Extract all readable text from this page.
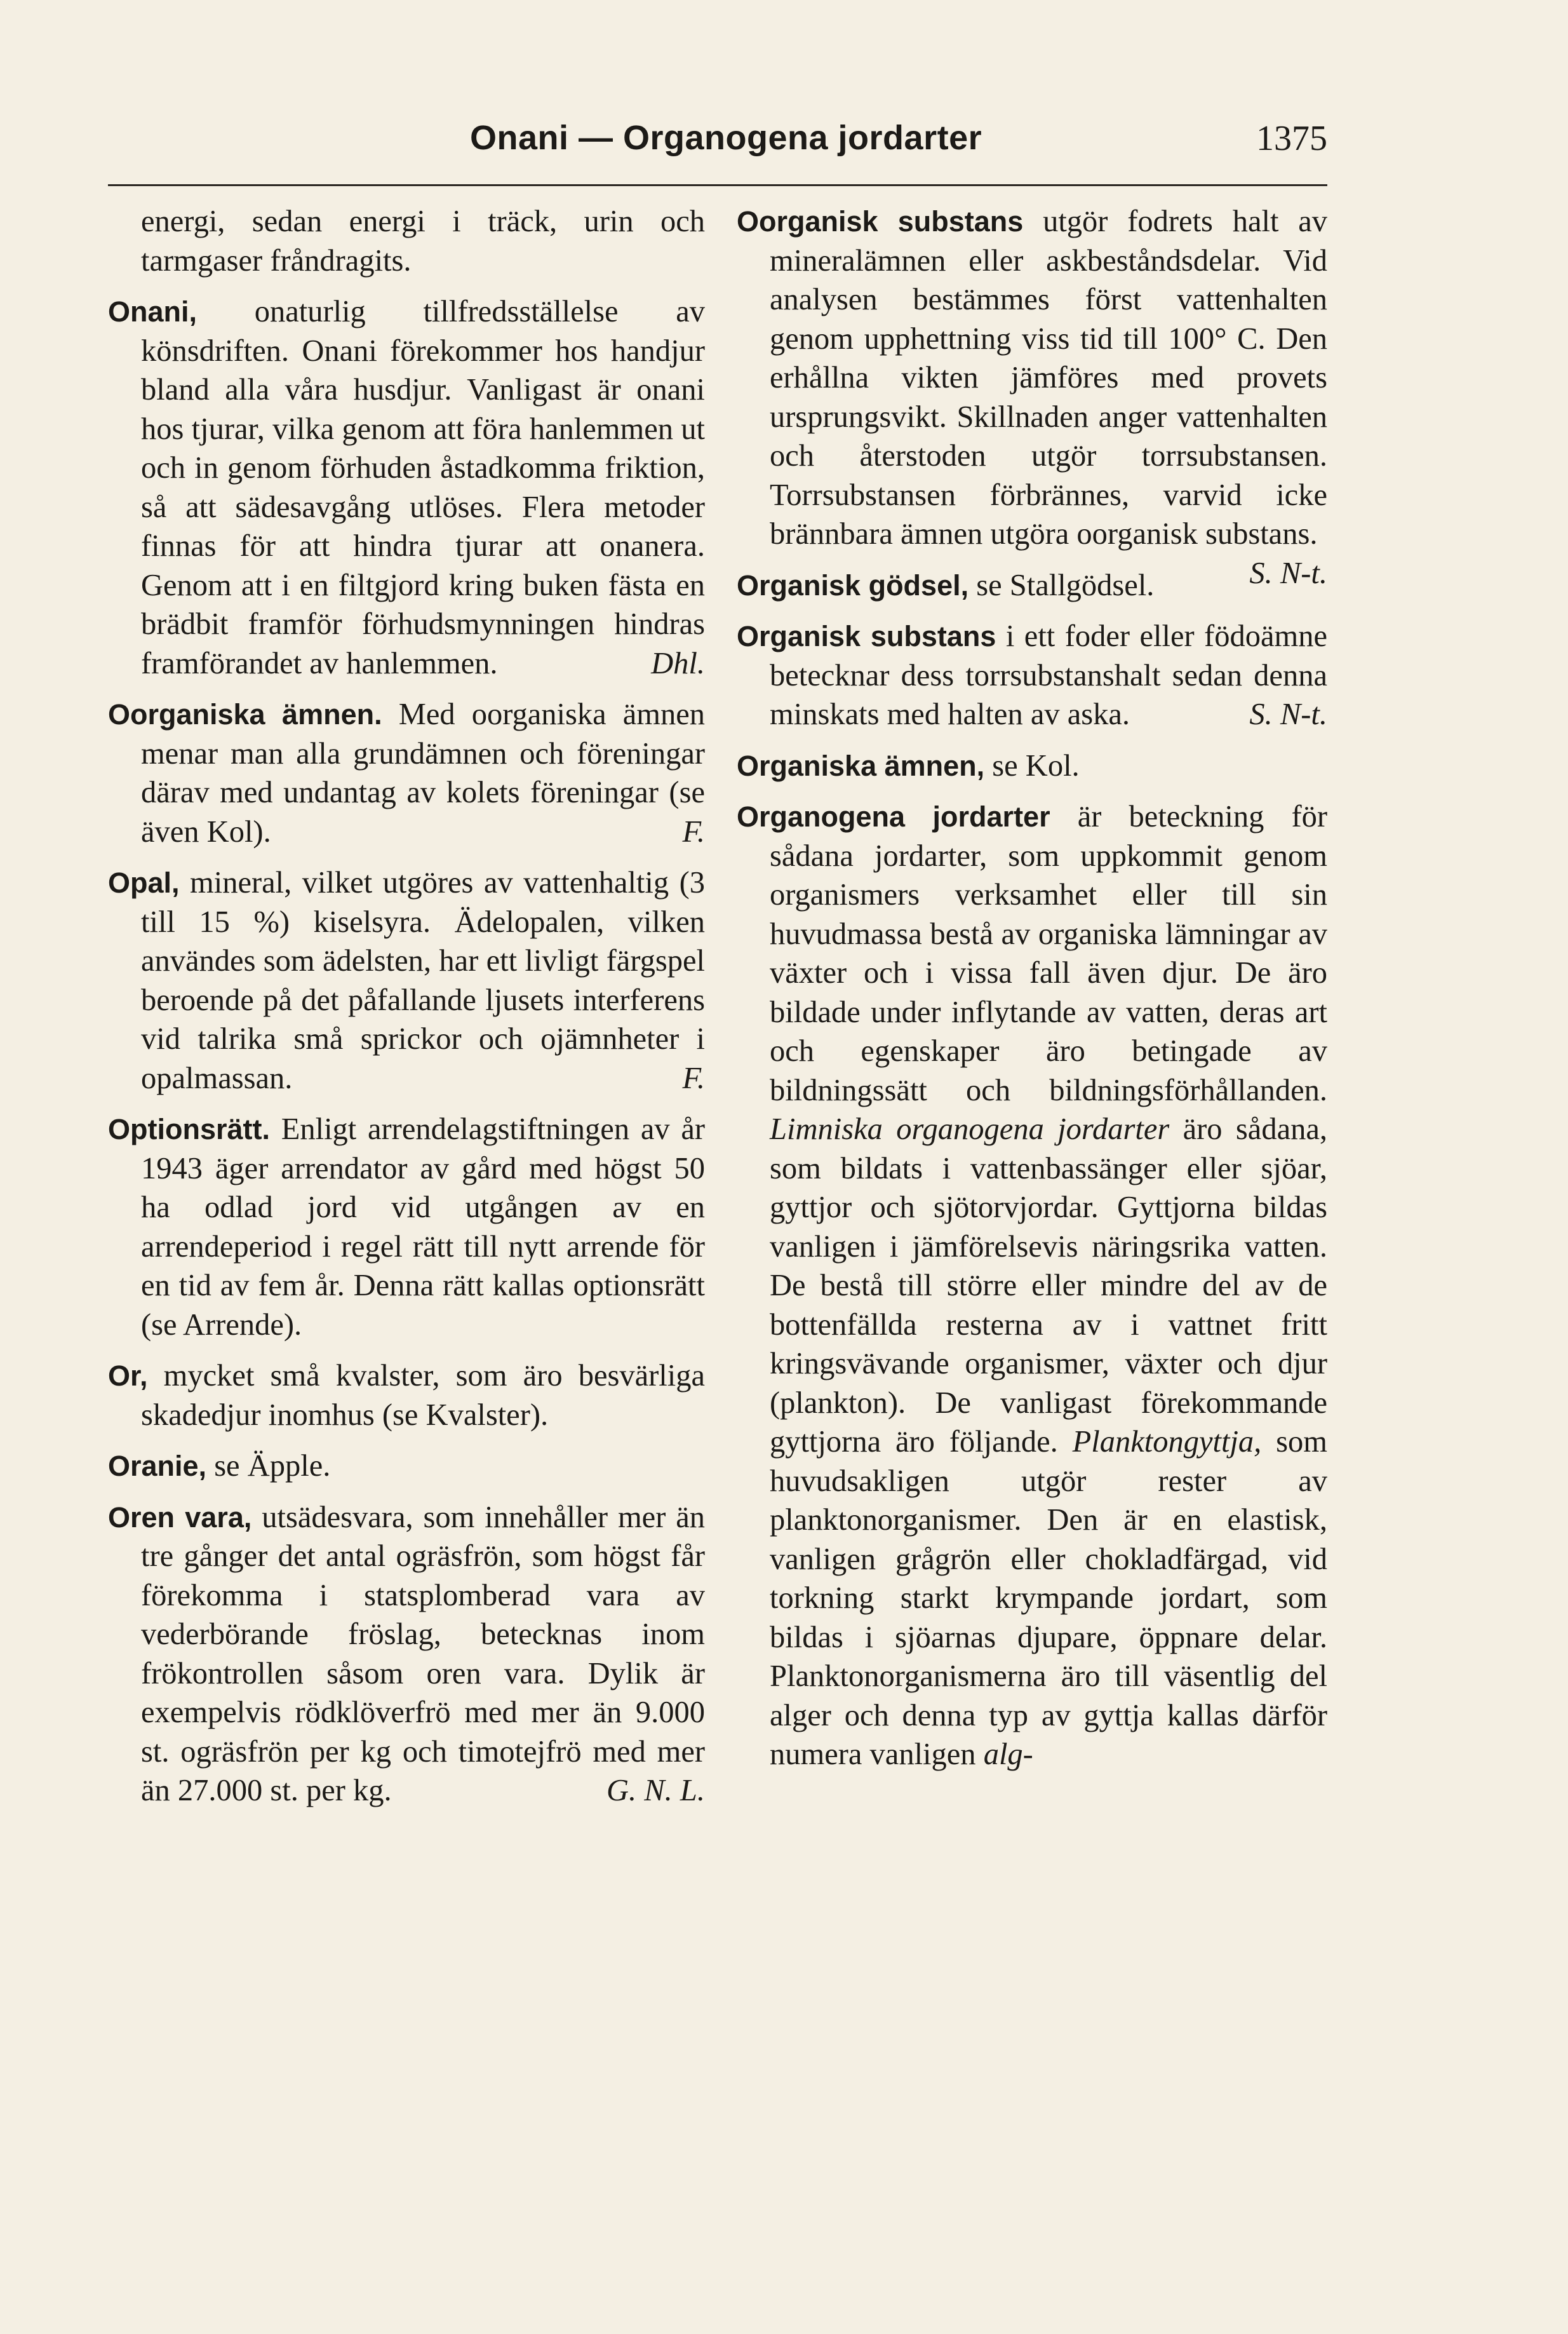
Onani — Organogena jordarter	1375

energi, sedan energi i träck, urin och tarmgaser fråndragits.

Onani, onaturlig tillfredsställelse av könsdriften. Onani förekommer hos handjur bland alla våra husdjur. Vanligast är onani hos tjurar, vilka genom att föra hanlemmen ut och in genom förhuden åstadkomma friktion, så att sädesavgång utlöses. Flera metoder finnas för att hindra tjurar att onanera. Genom att i en filtgjord kring buken fästa en brädbit framför förhudsmynningen hindras framförandet av hanlemmen.	Dhl.

Oorganiska ämnen. Med oorganiska ämnen menar man alla grundämnen och föreningar därav med undantag av kolets föreningar (se även Kol).	F.

Opal, mineral, vilket utgöres av vattenhaltig (3 till 15 %) kiselsyra. Ädelopalen, vilken användes som ädelsten, har ett livligt färgspel beroende på det påfallande ljusets interferens vid talrika små sprickor och ojämnheter i opalmassan.	F.

Optionsrätt. Enligt arrendelagstiftningen av år 1943 äger arrendator av gård med högst 50 ha odlad jord vid utgången av en arrendeperiod i regel rätt till nytt arrende för en tid av fem år. Denna rätt kallas optionsrätt (se Arrende).

Or, mycket små kvalster, som äro besvärliga skadedjur inomhus (se Kvalster).

Oranie, se Äpple.

Oren vara, utsädesvara, som innehåller mer än tre gånger det antal ogräsfrön, som högst får förekomma i statsplomberad vara av vederbörande fröslag, betecknas inom frökontrollen såsom oren vara. Dylik är exempelvis rödklöverfrö med mer än 9.000 st. ogräsfrön per kg och timotejfrö med mer än 27.000 st. per kg.	G. N. L.

Oorganisk substans utgör fodrets halt av mineralämnen eller askbeståndsdelar. Vid analysen bestämmes först vattenhalten genom upphettning viss tid till 100° C. Den erhållna vikten jämföres med provets ursprungsvikt. Skillnaden anger vattenhalten och återstoden utgör torrsubstansen. Torrsubstansen förbrännes, varvid icke brännbara ämnen utgöra oorganisk substans.
S. N-t.

Organisk gödsel, se Stallgödsel.

Organisk substans i ett foder eller födoämne betecknar dess torrsubstanshalt sedan denna minskats med halten av aska.	S. N-t.

Organiska ämnen, se Kol.

Organogena jordarter är beteckning för sådana jordarter, som uppkommit genom organismers verksamhet eller till sin huvudmassa bestå av organiska lämningar av växter och i vissa fall även djur. De äro bildade under inflytande av vatten, deras art och egenskaper äro betingade av bildningssätt och bildningsförhållanden. Limniska organogena jordarter äro sådana, som bildats i vattenbassänger eller sjöar, gyttjor och sjötorvjordar. Gyttjorna bildas vanligen i jämförelsevis näringsrika vatten. De bestå till större eller mindre del av de bottenfällda resterna av i vattnet fritt kringsvävande organismer, växter och djur (plankton). De vanligast förekommande gyttjorna äro följande. Planktongyttja, som huvudsakligen utgör rester av planktonorganismer. Den är en elastisk, vanligen grågrön eller chokladfärgad, vid torkning starkt krympande jordart, som bildas i sjöarnas djupare, öppnare delar. Planktonorganismerna äro till väsentlig del alger och denna typ av gyttja kallas därför numera vanligen alg-
